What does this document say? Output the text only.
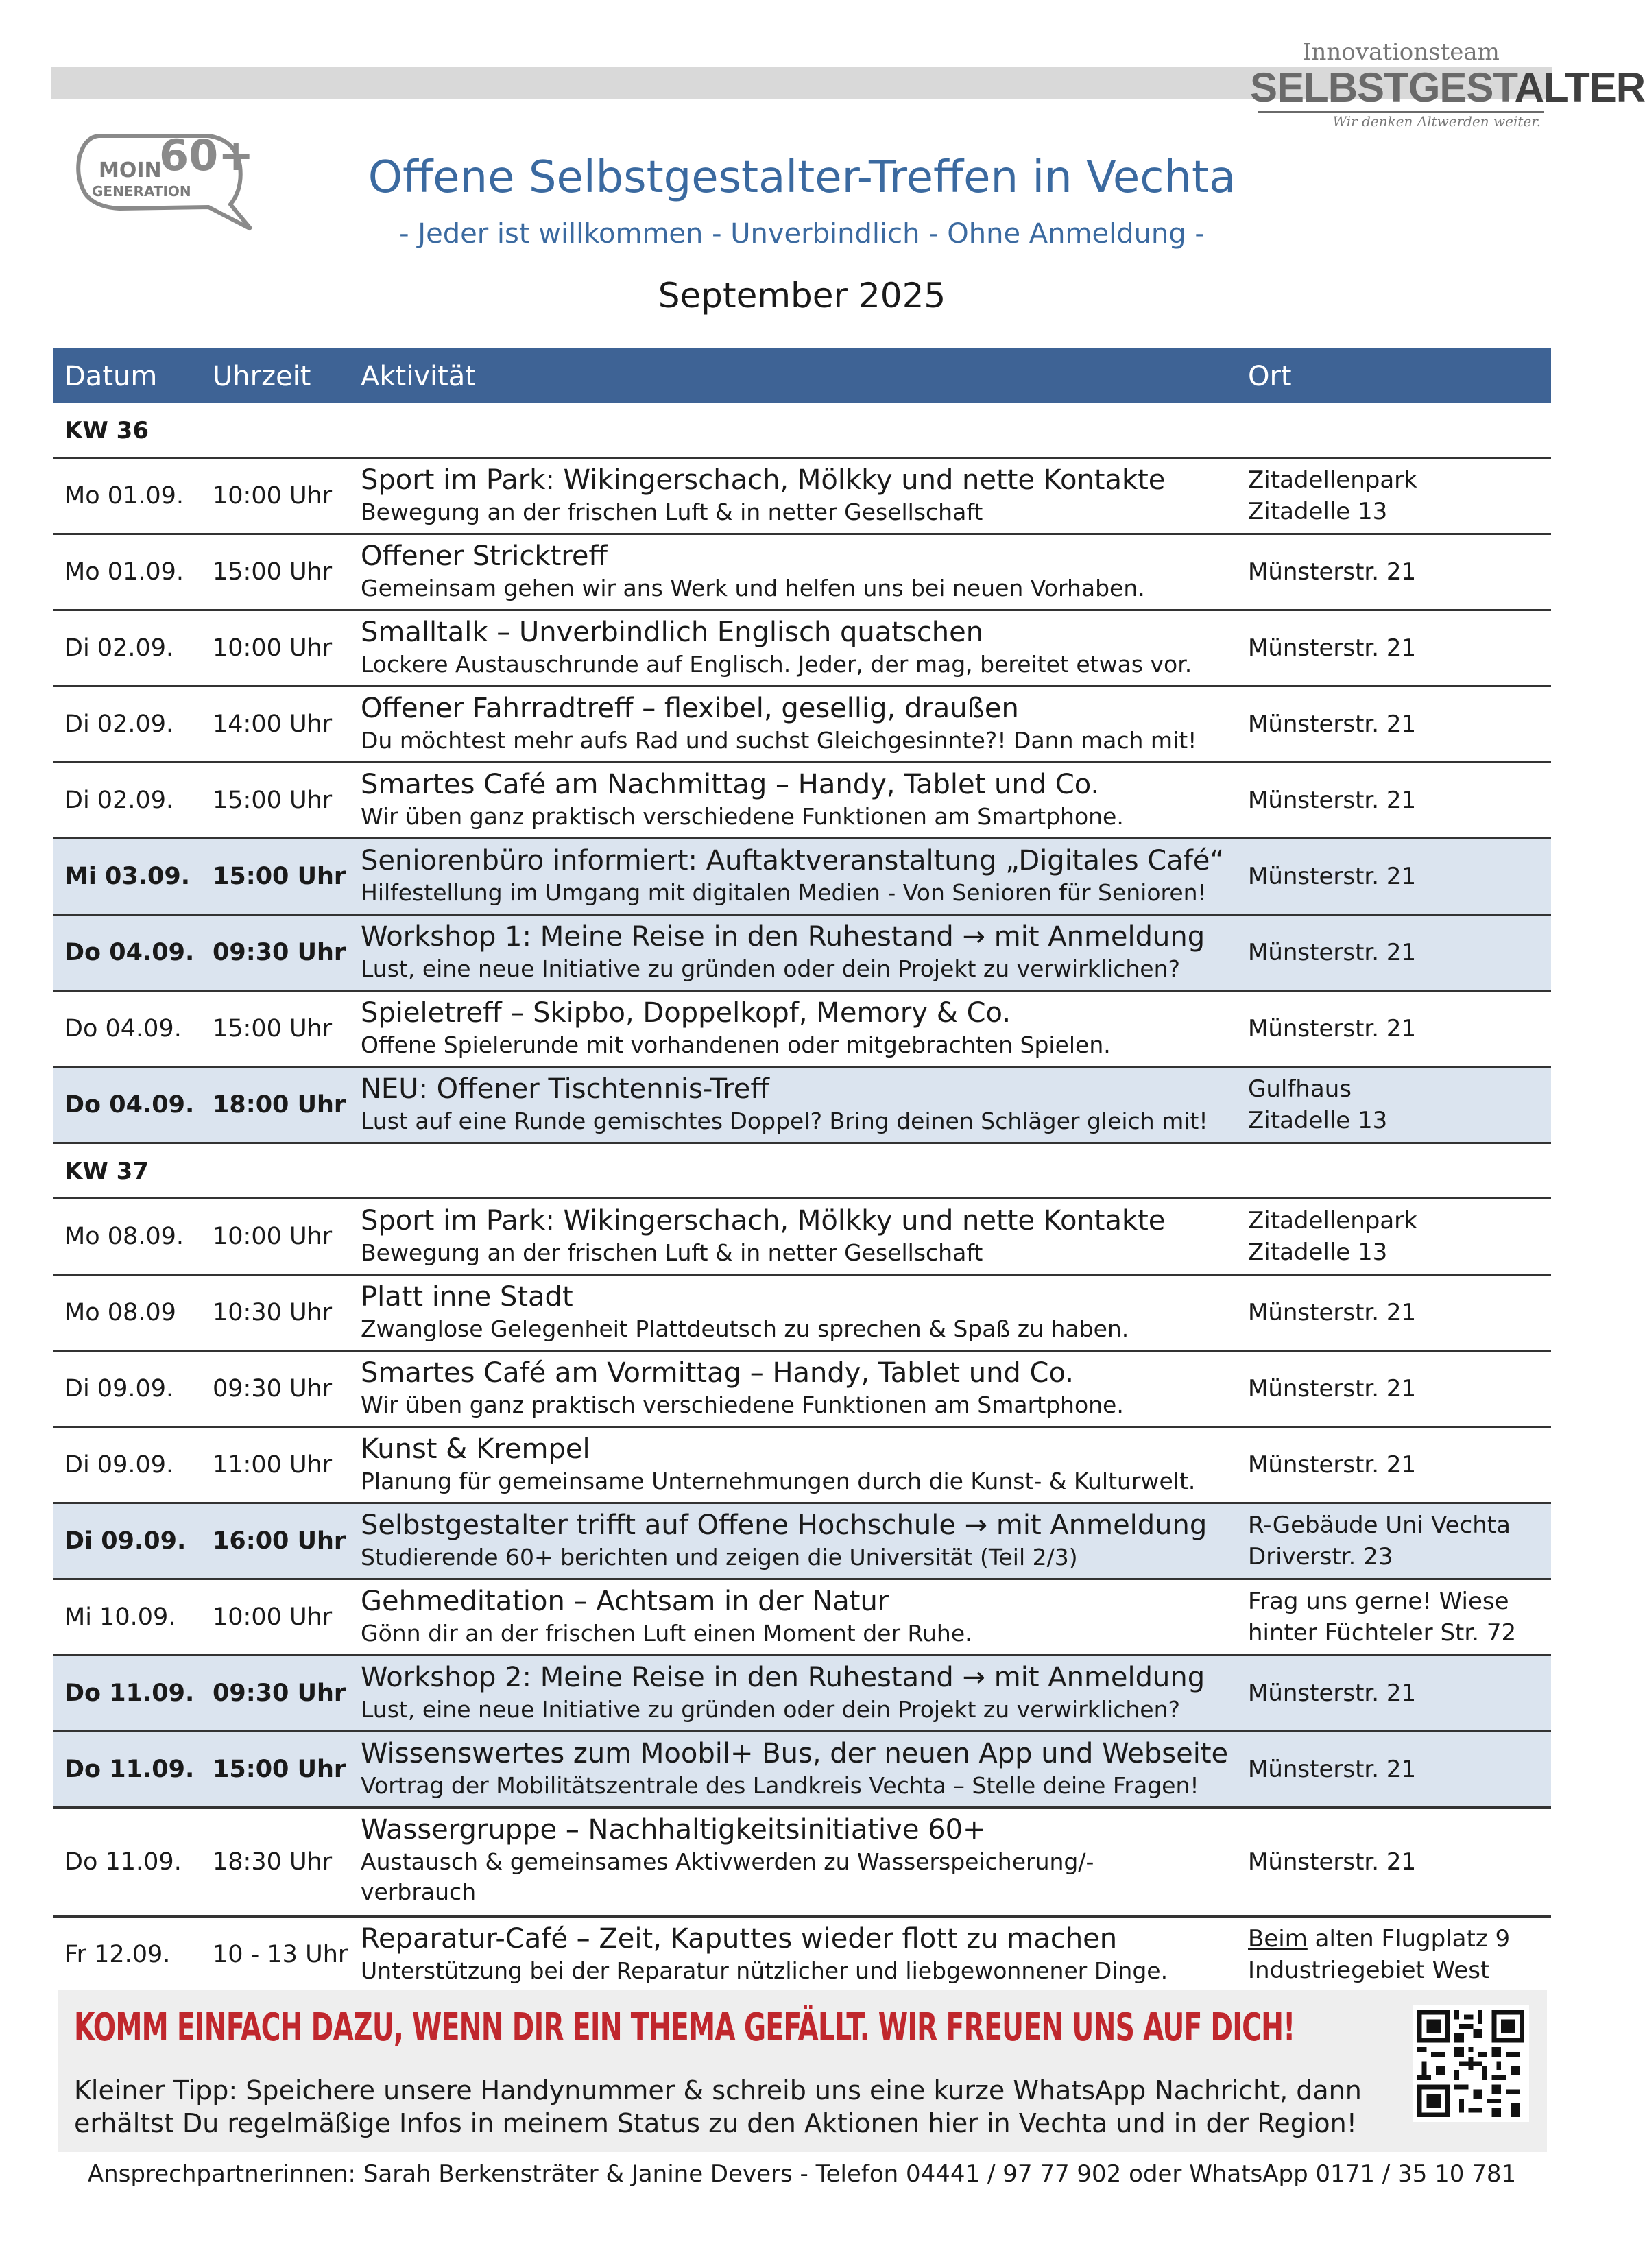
Innovationsteam
SELBSTGESTALTER
Wir denken Altwerden weiter.
MOIN
GENERATION
60+	Offene Selbstgestalter-Treffen in Vechta
- Jeder ist willkommen - Unverbindlich - Ohne Anmeldung -
September 2025
Datum Uhrzeit Aktivität	Ort
KW 36
Mo 01.09. 10:00 Uhr Sport im Park: Wikingerschach, Mölkky und nette Kontakte
Bewegung an der frischen Luft & in netter Gesellschaft
Zitadellenpark
Zitadelle 13
Mo 01.09. 15:00 Uhr Offener Stricktreff
Gemeinsam gehen wir ans Werk und helfen uns bei neuen Vorhaben.
Münsterstr. 21
Di 02.09. 10:00 Uhr Smalltalk – Unverbindlich Englisch quatschen
Lockere Austauschrunde auf Englisch. Jeder, der mag, bereitet etwas vor.
Münsterstr. 21
Di 02.09. 14:00 Uhr Offener Fahrradtreff – flexibel, gesellig, draußen
Du möchtest mehr aufs Rad und suchst Gleichgesinnte?! Dann mach mit!
Münsterstr. 21
Di 02.09. 15:00 Uhr Smartes Café am Nachmittag – Handy, Tablet und Co.
Wir üben ganz praktisch verschiedene Funktionen am Smartphone.
Münsterstr. 21
Mi 03.09. 15:00 Uhr Seniorenbüro informiert: Auftaktveranstaltung „Digitales Café“
Hilfestellung im Umgang mit digitalen Medien - Von Senioren für Senioren!
Münsterstr. 21
Do 04.09. 09:30 Uhr Workshop 1: Meine Reise in den Ruhestand → mit Anmeldung
Lust, eine neue Initiative zu gründen oder dein Projekt zu verwirklichen?
Münsterstr. 21
Do 04.09. 15:00 Uhr Spieletreff – Skipbo, Doppelkopf, Memory & Co.
Offene Spielerunde mit vorhandenen oder mitgebrachten Spielen.
Münsterstr. 21
Do 04.09. 18:00 Uhr NEU: Offener Tischtennis-Treff
Lust auf eine Runde gemischtes Doppel? Bring deinen Schläger gleich mit!
Gulfhaus
Zitadelle 13
KW 37
Mo 08.09. 10:00 Uhr Sport im Park: Wikingerschach, Mölkky und nette Kontakte
Bewegung an der frischen Luft & in netter Gesellschaft
Zitadellenpark
Zitadelle 13
Mo 08.09 10:30 Uhr Platt inne Stadt
Zwanglose Gelegenheit Plattdeutsch zu sprechen & Spaß zu haben.
Münsterstr. 21
Di 09.09. 09:30 Uhr Smartes Café am Vormittag – Handy, Tablet und Co.
Wir üben ganz praktisch verschiedene Funktionen am Smartphone.
Münsterstr. 21
Di 09.09. 11:00 Uhr Kunst & Krempel
Planung für gemeinsame Unternehmungen durch die Kunst- & Kulturwelt.
Münsterstr. 21
Di 09.09. 16:00 Uhr Selbstgestalter trifft auf Offene Hochschule → mit Anmeldung
Studierende 60+ berichten und zeigen die Universität (Teil 2/3)
R-Gebäude Uni Vechta
Driverstr. 23
Mi 10.09. 10:00 Uhr Gehmeditation – Achtsam in der Natur
Gönn dir an der frischen Luft einen Moment der Ruhe.
Frag uns gerne! Wiese
hinter Füchteler Str. 72
Do 11.09. 09:30 Uhr Workshop 2: Meine Reise in den Ruhestand → mit Anmeldung
Lust, eine neue Initiative zu gründen oder dein Projekt zu verwirklichen?
Münsterstr. 21
Do 11.09. 15:00 Uhr Wissenswertes zum Moobil+ Bus, der neuen App und Webseite
Vortrag der Mobilitätszentrale des Landkreis Vechta – Stelle deine Fragen!
Münsterstr. 21
Do 11.09. 18:30 Uhr
Wassergruppe – Nachhaltigkeitsinitiative 60+
Austausch & gemeinsames Aktivwerden zu Wasserspeicherung/-verbrauch
Münsterstr. 21
Fr 12.09. 10 - 13 Uhr Reparatur-Café – Zeit, Kaputtes wieder flott zu machen
Unterstützung bei der Reparatur nützlicher und liebgewonnener Dinge.
Beim alten Flugplatz 9
Industriegebiet West
KOMM EINFACH DAZU, WENN DIR EIN THEMA GEFÄLLT. WIR FREUEN UNS AUF DICH!
Kleiner Tipp: Speichere unsere Handynummer & schreib uns eine kurze WhatsApp Nachricht, dann erhältst Du regelmäßige Infos in meinem Status zu den Aktionen hier in Vechta und in der Region!
Ansprechpartnerinnen: Sarah Berkensträter & Janine Devers - Telefon 04441 / 97 77 902 oder WhatsApp 0171 / 35 10 781
